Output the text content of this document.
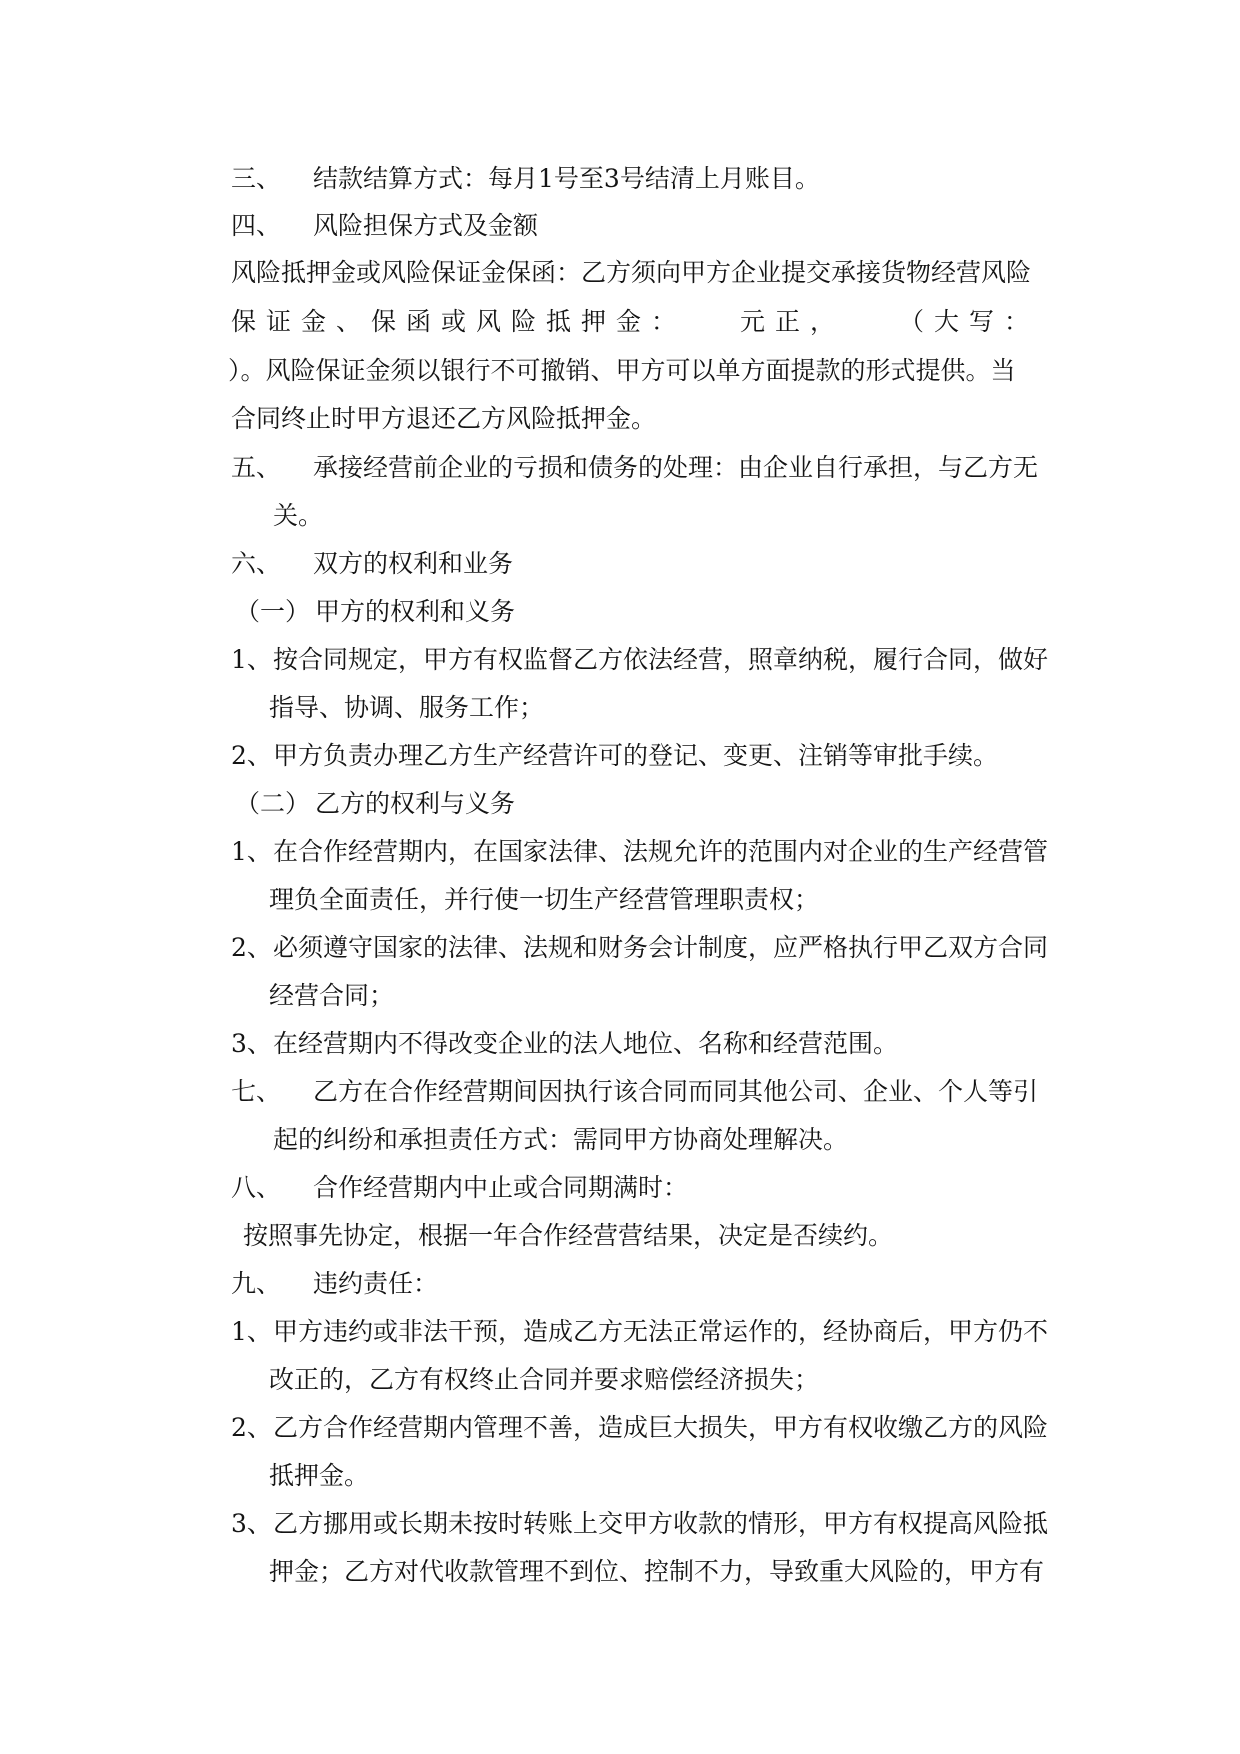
三、 结款结算方式：每月1号至3号结清上月账目。
四、 风险担保方式及金额
风险抵押金或风险保证金保函：乙方须向甲方企业提交承接货物经营风险
保证金、保函或风险抵押金： 元正， （大写：
）。风险保证金须以银行不可撤销、甲方可以单方面提款的形式提供。当
合同终止时甲方退还乙方风险抵押金。
五、 承接经营前企业的亏损和债务的处理：由企业自行承担，与乙方无
关。
六、 双方的权利和业务
（一） 甲方的权利和义务
1、按合同规定，甲方有权监督乙方依法经营，照章纳税，履行合同，做好
指导、协调、服务工作；
2、甲方负责办理乙方生产经营许可的登记、变更、注销等审批手续。
（二） 乙方的权利与义务
1、在合作经营期内，在国家法律、法规允许的范围内对企业的生产经营管
理负全面责任，并行使一切生产经营管理职责权；
2、必须遵守国家的法律、法规和财务会计制度，应严格执行甲乙双方合同
经营合同；
3、在经营期内不得改变企业的法人地位、名称和经营范围。
七、 乙方在合作经营期间因执行该合同而同其他公司、企业、个人等引
起的纠纷和承担责任方式：需同甲方协商处理解决。
八、 合作经营期内中止或合同期满时：
按照事先协定，根据一年合作经营营结果，决定是否续约。
九、 违约责任：
1、甲方违约或非法干预，造成乙方无法正常运作的，经协商后，甲方仍不
改正的，乙方有权终止合同并要求赔偿经济损失；
2、乙方合作经营期内管理不善，造成巨大损失，甲方有权收缴乙方的风险
抵押金。
3、乙方挪用或长期未按时转账上交甲方收款的情形，甲方有权提高风险抵
押金；乙方对代收款管理不到位、控制不力，导致重大风险的，甲方有
